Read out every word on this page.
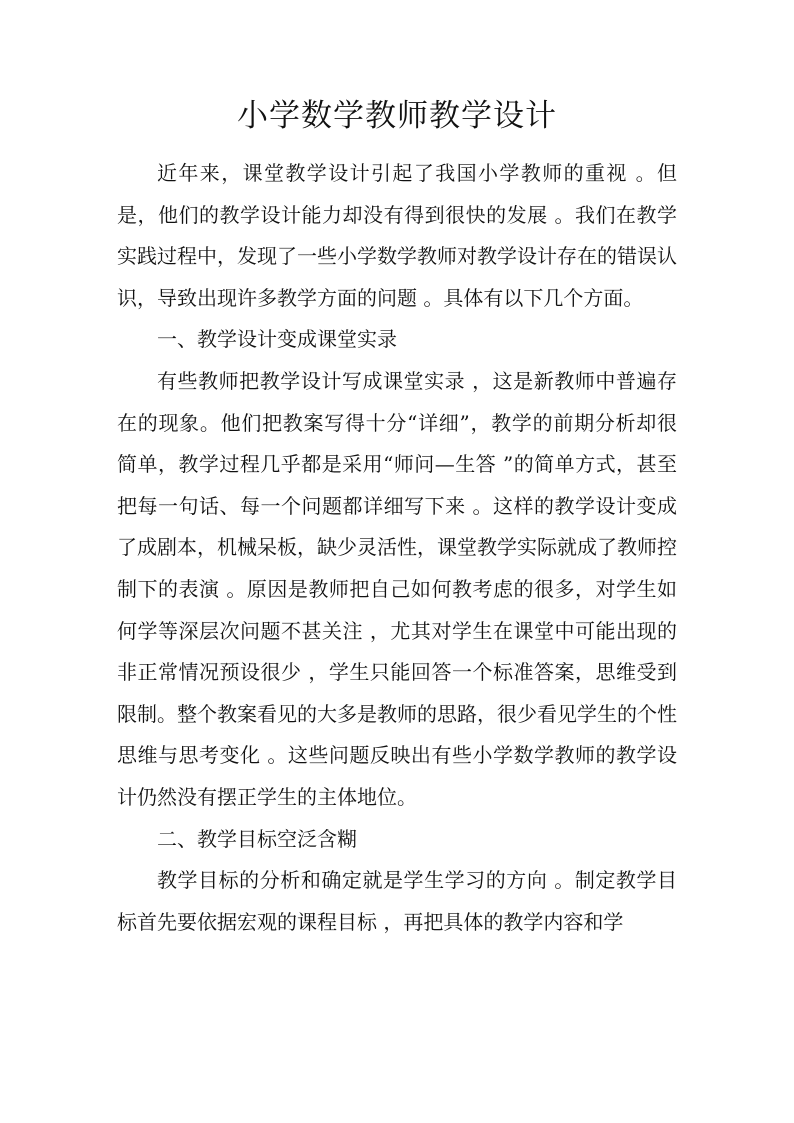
小学数学教师教学设计

近年来，课堂教学设计引起了我国小学教师的重视 。但是，他们的教学设计能力却没有得到很快的发展 。我们在教学实践过程中，发现了一些小学数学教师对教学设计存在的错误认识，导致出现许多教学方面的问题 。具体有以下几个方面。

一、教学设计变成课堂实录

有些教师把教学设计写成课堂实录 ，这是新教师中普遍存在的现象。他们把教案写得十分“详细”，教学的前期分析却很简单，教学过程几乎都是采用“师问—生答 ”的简单方式，甚至把每一句话、每一个问题都详细写下来 。这样的教学设计变成了成剧本，机械呆板，缺少灵活性，课堂教学实际就成了教师控制下的表演 。原因是教师把自己如何教考虑的很多，对学生如何学等深层次问题不甚关注 ，尤其对学生在课堂中可能出现的非正常情况预设很少 ，学生只能回答一个标准答案，思维受到限制。整个教案看见的大多是教师的思路，很少看见学生的个性思维与思考变化 。这些问题反映出有些小学数学教师的教学设计仍然没有摆正学生的主体地位。

二、教学目标空泛含糊

教学目标的分析和确定就是学生学习的方向 。制定教学目标首先要依据宏观的课程目标 ，再把具体的教学内容和学
